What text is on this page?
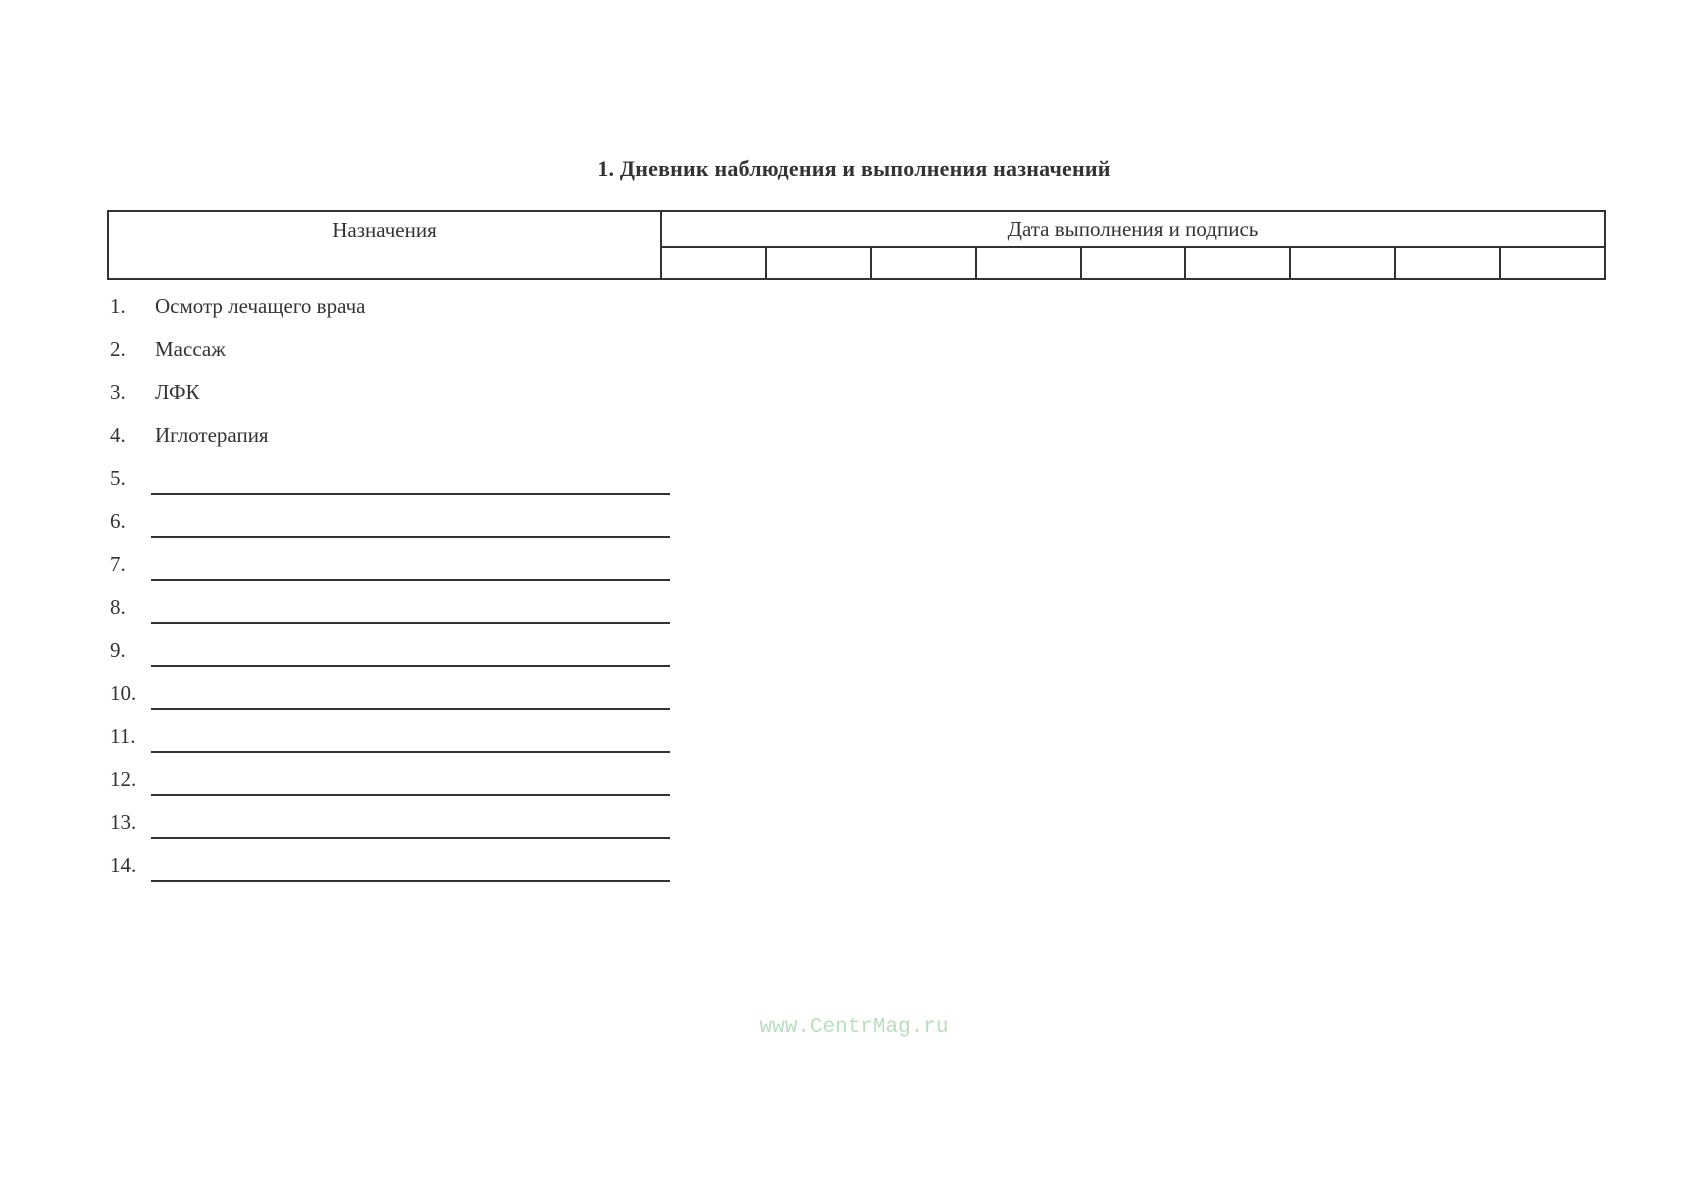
1. Дневник наблюдения и выполнения назначений
Назначения	Дата выполнения и подпись
1. Осмотр лечащего врача
2. Массаж
3. ЛФК
4. Иглотерапия
5.
6.
7.
8.
9.
10.
11.
12.
13.
14.
www.CentrMag.ru
